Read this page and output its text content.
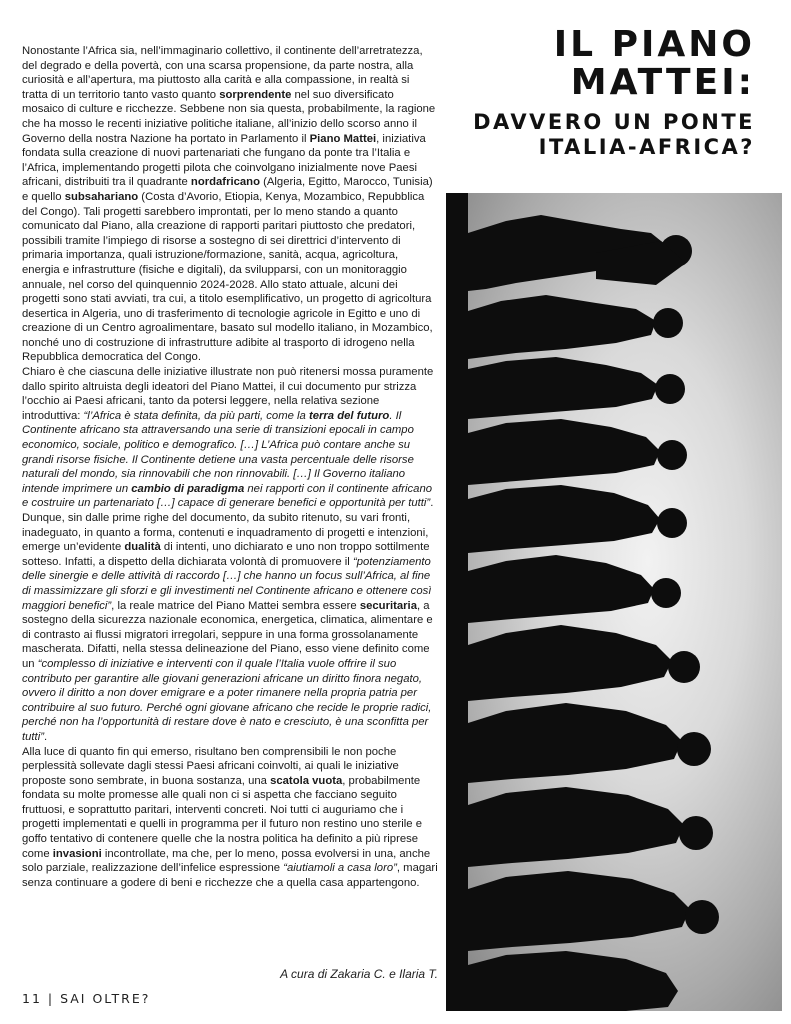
IL PIANO
MATTEI:
DAVVERO UN PONTE
ITALIA-AFRICA?

Nonostante l’Africa sia, nell’immaginario collettivo, il continente dell’arretratezza, del degrado e della povertà, con una scarsa propensione, da parte nostra, alla curiosità e all’apertura, ma piuttosto alla carità e alla compassione, in realtà si tratta di un territorio tanto vasto quanto sorprendente nel suo diversificato mosaico di culture e ricchezze. Sebbene non sia questa, probabilmente, la ragione che ha mosso le recenti iniziative politiche italiane, all’inizio dello scorso anno il Governo della nostra Nazione ha portato in Parlamento il Piano Mattei, iniziativa fondata sulla creazione di nuovi partenariati che fungano da ponte tra l’Italia e l’Africa, implementando progetti pilota che coinvolgano inizialmente nove Paesi africani, distribuiti tra il quadrante nordafricano (Algeria, Egitto, Marocco, Tunisia) e quello subsahariano (Costa d’Avorio, Etiopia, Kenya, Mozambico, Repubblica del Congo). Tali progetti sarebbero improntati, per lo meno stando a quanto comunicato dal Piano, alla creazione di rapporti paritari piuttosto che predatori, possibili tramite l’impiego di risorse a sostegno di sei direttrici d’intervento di primaria importanza, quali istruzione/formazione, sanità, acqua, agricoltura, energia e infrastrutture (fisiche e digitali), da svilupparsi, con un monitoraggio annuale, nel corso del quinquennio 2024-2028. Allo stato attuale, alcuni dei progetti sono stati avviati, tra cui, a titolo esemplificativo, un progetto di agricoltura desertica in Algeria, uno di trasferimento di tecnologie agricole in Egitto e uno di creazione di un Centro agroalimentare, basato sul modello italiano, in Mozambico, nonché uno di costruzione di infrastrutture adibite al trasporto di idrogeno nella Repubblica democratica del Congo.

Chiaro è che ciascuna delle iniziative illustrate non può ritenersi mossa puramente dallo spirito altruista degli ideatori del Piano Mattei, il cui documento pur strizza l’occhio ai Paesi africani, tanto da potersi leggere, nella relativa sezione introduttiva: “l’Africa è stata definita, da più parti, come la terra del futuro. Il Continente africano sta attraversando una serie di transizioni epocali in campo economico, sociale, politico e demografico. […] L’Africa può contare anche su grandi risorse fisiche. Il Continente detiene una vasta percentuale delle risorse naturali del mondo, sia rinnovabili che non rinnovabili. […] Il Governo italiano intende imprimere un cambio di paradigma nei rapporti con il continente africano e costruire un partenariato […] capace di generare benefici e opportunità per tutti”. Dunque, sin dalle prime righe del documento, da subito ritenuto, su vari fronti, inadeguato, in quanto a forma, contenuti e inquadramento di progetti e intenzioni, emerge un’evidente dualità di intenti, uno dichiarato e uno non troppo sottilmente sotteso. Infatti, a dispetto della dichiarata volontà di promuovere il “potenziamento delle sinergie e delle attività di raccordo […] che hanno un focus sull’Africa, al fine di massimizzare gli sforzi e gli investimenti nel Continente africano e ottenere così maggiori benefici”, la reale matrice del Piano Mattei sembra essere securitaria, a sostegno della sicurezza nazionale economica, energetica, climatica, alimentare e di contrasto ai flussi migratori irregolari, seppure in una forma grossolanamente mascherata. Difatti, nella stessa delineazione del Piano, esso viene definito come un “complesso di iniziative e interventi con il quale l’Italia vuole offrire il suo contributo per garantire alle giovani generazioni africane un diritto finora negato, ovvero il diritto a non dover emigrare e a poter rimanere nella propria patria per contribuire al suo futuro. Perché ogni giovane africano che recide le proprie radici, perché non ha l’opportunità di restare dove è nato e cresciuto, è una sconfitta per tutti”.

Alla luce di quanto fin qui emerso, risultano ben comprensibili le non poche perplessità sollevate dagli stessi Paesi africani coinvolti, ai quali le iniziative proposte sono sembrate, in buona sostanza, una scatola vuota, probabilmente fondata su molte promesse alle quali non ci si aspetta che facciano seguito fruttuosi, e soprattutto paritari, interventi concreti. Noi tutti ci auguriamo che i progetti implementati e quelli in programma per il futuro non restino uno sterile e goffo tentativo di contenere quelle che la nostra politica ha definito a più riprese come invasioni incontrollate, ma che, per lo meno, possa evolversi in una, anche solo parziale, realizzazione dell’infelice espressione “aiutiamoli a casa loro”, magari senza continuare a godere di beni e ricchezze che a quella casa appartengono.

A cura di Zakaria C. e Ilaria T.
11 | SAI OLTRE?
